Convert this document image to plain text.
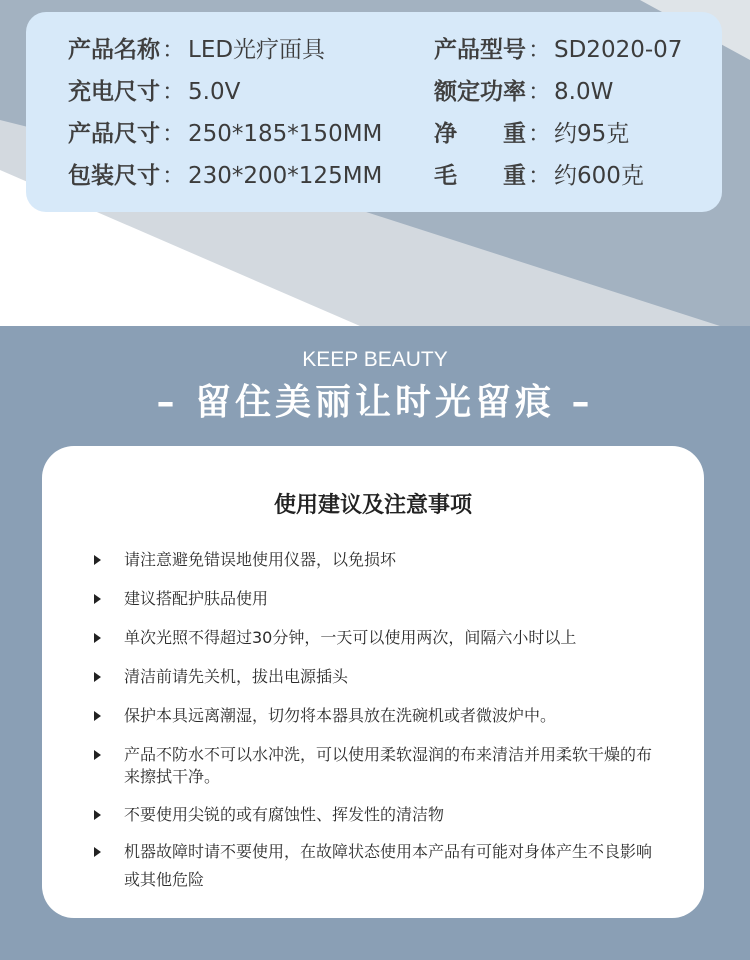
产品名称 ： LED光疗面具	产品型号 ： SD2020-07
充电尺寸 ： 5.0V	额定功率 ： 8.0W
产品尺寸 ： 250*185*150MM 净　　重 ： 约95克
包装尺寸 ： 230*200*125MM 毛　　重 ： 约600克
KEEP BEAUTY
– 留住美丽让时光留痕 –
使用建议及注意事项
请注意避免错误地使用仪器，以免损坏
建议搭配护肤品使用
单次光照不得超过30分钟，一天可以使用两次，间隔六小时以上
清洁前请先关机，拔出电源插头
保护本具远离潮湿，切勿将本器具放在洗碗机或者微波炉中。
产品不防水不可以水冲洗，可以使用柔软湿润的布来清洁并用柔软干燥的布来擦拭干净。
不要使用尖锐的或有腐蚀性、挥发性的清洁物
机器故障时请不要使用，在故障状态使用本产品有可能对身体产生不良影响或其他危险
